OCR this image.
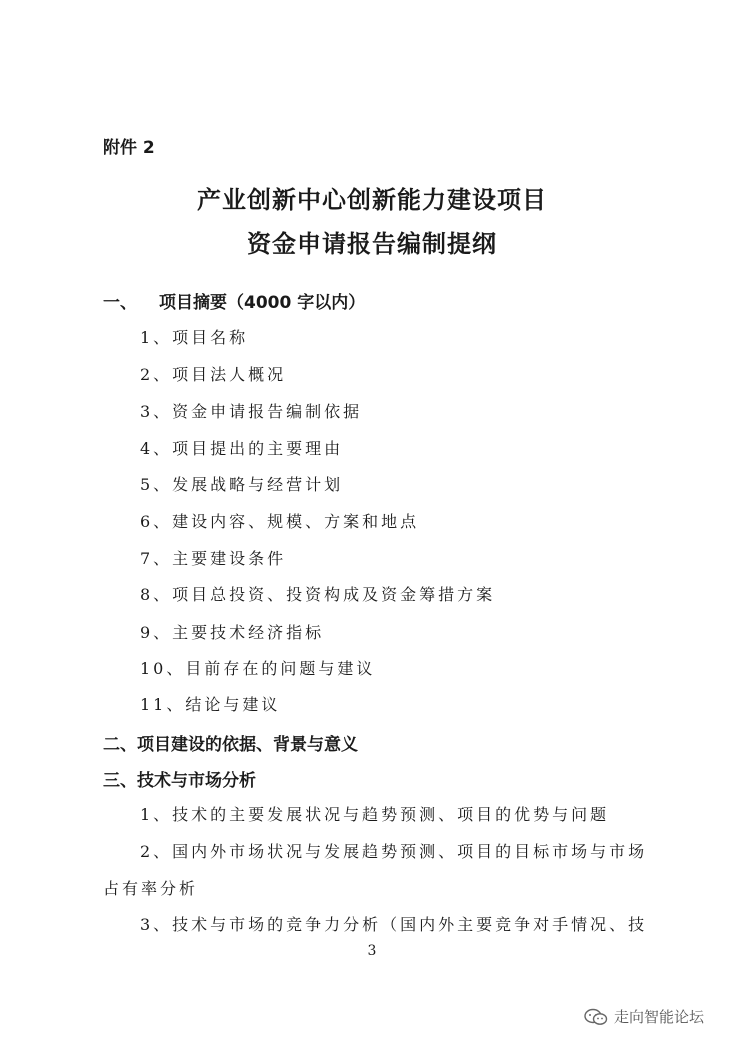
附件 2
产业创新中心创新能力建设项目
资金申请报告编制提纲
一、 项目摘要（4000 字以内）
1、项目名称
2、项目法人概况
3、资金申请报告编制依据
4、项目提出的主要理由
5、发展战略与经营计划
6、建设内容、规模、方案和地点
7、主要建设条件
8、项目总投资、投资构成及资金筹措方案
9、主要技术经济指标
10、目前存在的问题与建议
11、结论与建议
二、项目建设的依据、背景与意义
三、技术与市场分析
1、技术的主要发展状况与趋势预测、项目的优势与问题
2、国内外市场状况与发展趋势预测、项目的目标市场与市场
占有率分析
3、技术与市场的竞争力分析（国内外主要竞争对手情况、技
3
走向智能论坛
